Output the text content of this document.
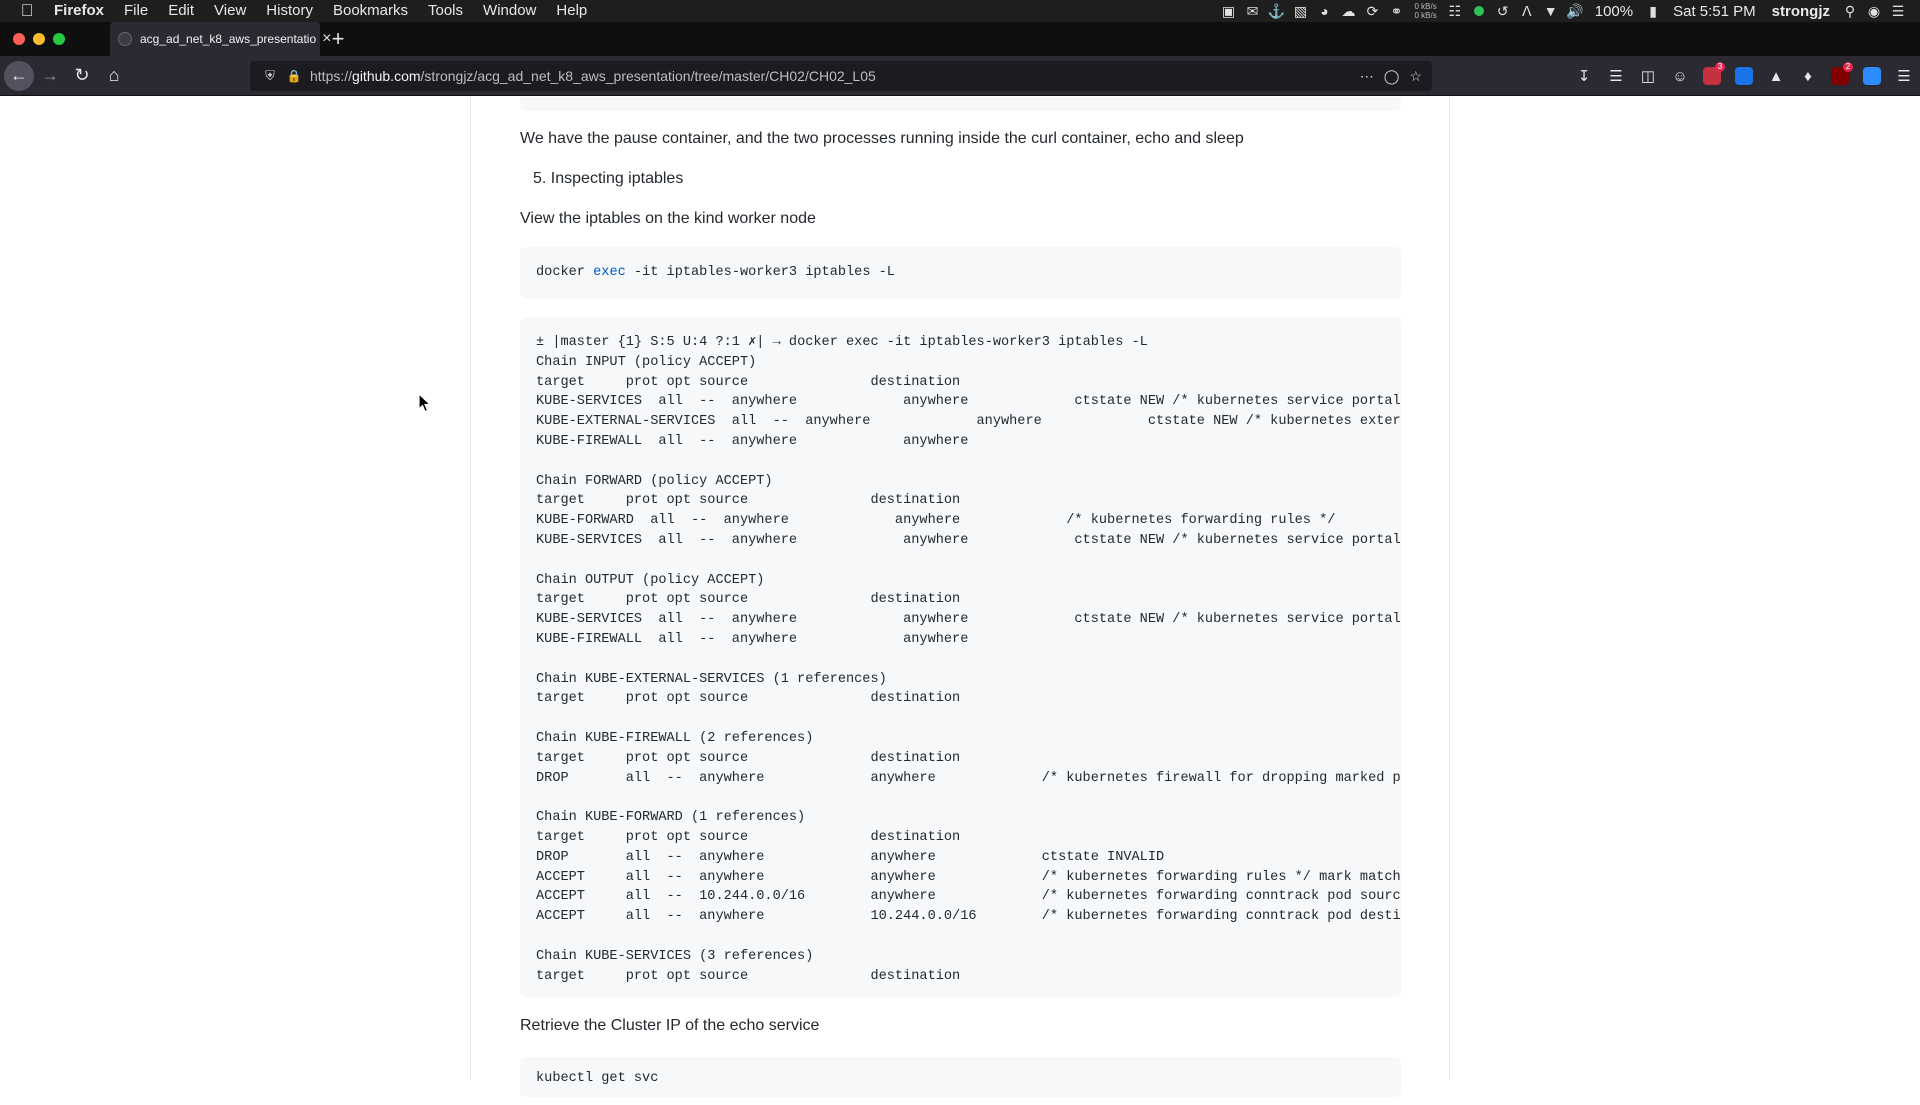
Firefox	File	Edit	View	History	Bookmarks	Tools	Window	Help	▣ ✉ ⚓ ▧ ◕ ☁ ⟳ ⚭	0 kB/s
0 kB/s ☷	↺ ᐱ ▼ 🔊 100%	▮	Sat 5:51 PM	strongjz	⚲ ◉ ☰
acg_ad_net_k8_aws_presentatio × +
← → ↻	⌂	⛨ 🔒 https://github.com/strongjz/acg_ad_net_k8_aws_presentation/tree/master/CH02/CH02_L05	⋯ ◯ ☆	↧	☰	◫	☺
3
▲	♦
2
☰
We have the pause container, and the two processes running inside the curl container, echo and sleep
5. Inspecting iptables
View the iptables on the kind worker node
docker exec -it iptables-worker3 iptables -L
± |master {1} S:5 U:4 ?:1 ✗| → docker exec -it iptables-worker3 iptables -L
Chain INPUT (policy ACCEPT)
target     prot opt source               destination
KUBE-SERVICES  all  --  anywhere             anywhere             ctstate NEW /* kubernetes service portal
KUBE-EXTERNAL-SERVICES  all  --  anywhere             anywhere             ctstate NEW /* kubernetes exter
KUBE-FIREWALL  all  --  anywhere             anywhere

Chain FORWARD (policy ACCEPT)
target     prot opt source               destination
KUBE-FORWARD  all  --  anywhere             anywhere             /* kubernetes forwarding rules */
KUBE-SERVICES  all  --  anywhere             anywhere             ctstate NEW /* kubernetes service portal

Chain OUTPUT (policy ACCEPT)
target     prot opt source               destination
KUBE-SERVICES  all  --  anywhere             anywhere             ctstate NEW /* kubernetes service portal
KUBE-FIREWALL  all  --  anywhere             anywhere

Chain KUBE-EXTERNAL-SERVICES (1 references)
target     prot opt source               destination

Chain KUBE-FIREWALL (2 references)
target     prot opt source               destination
DROP       all  --  anywhere             anywhere             /* kubernetes firewall for dropping marked p

Chain KUBE-FORWARD (1 references)
target     prot opt source               destination
DROP       all  --  anywhere             anywhere             ctstate INVALID
ACCEPT     all  --  anywhere             anywhere             /* kubernetes forwarding rules */ mark match
ACCEPT     all  --  10.244.0.0/16        anywhere             /* kubernetes forwarding conntrack pod sourc
ACCEPT     all  --  anywhere             10.244.0.0/16        /* kubernetes forwarding conntrack pod desti

Chain KUBE-SERVICES (3 references)
target     prot opt source               destination
Retrieve the Cluster IP of the echo service
kubectl get svc
